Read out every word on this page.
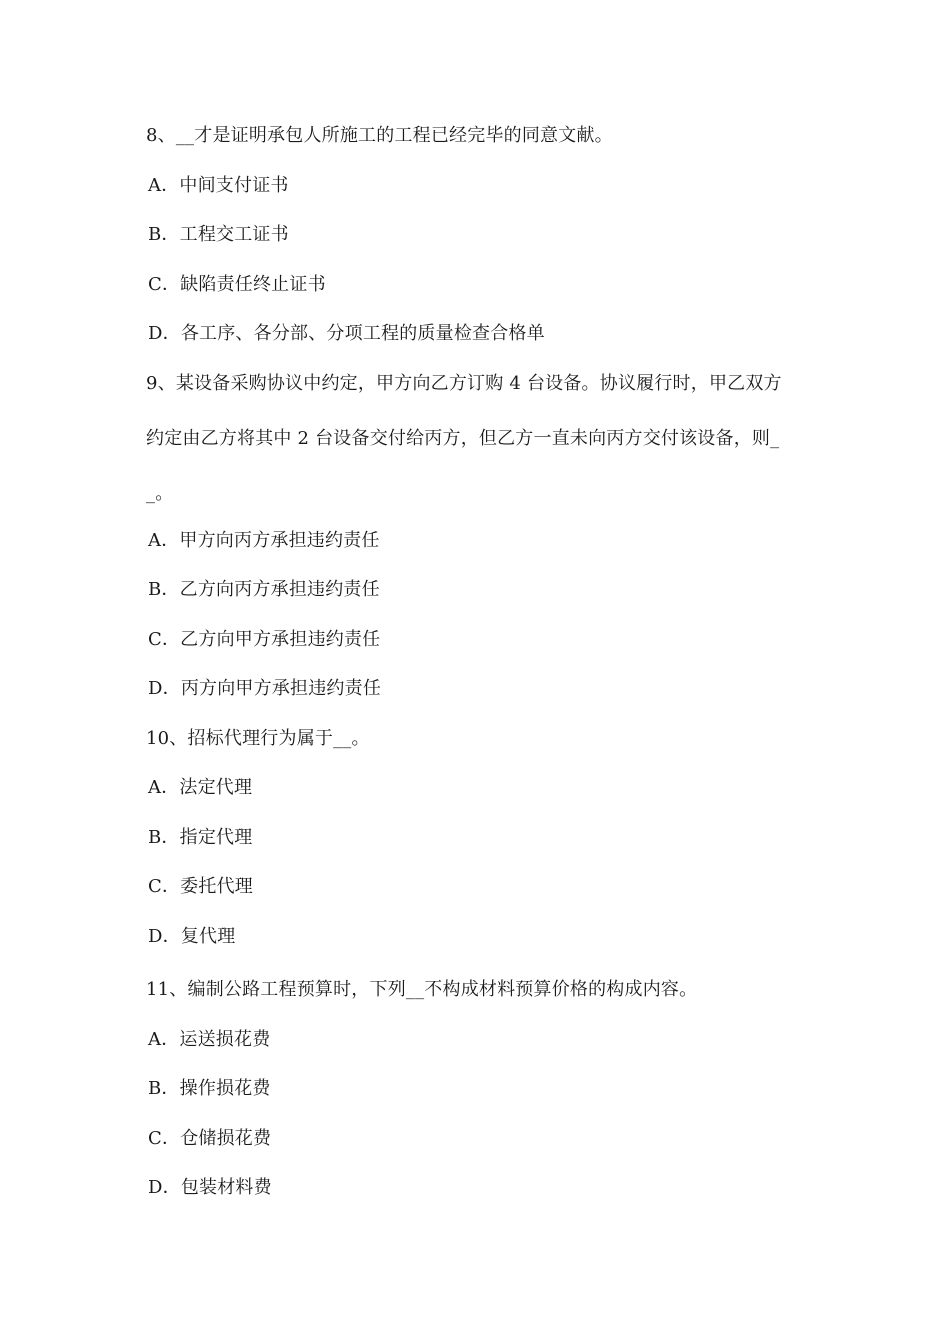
8、__才是证明承包人所施工的工程已经完毕的同意文献。
A．中间支付证书
B．工程交工证书
C．缺陷责任终止证书
D．各工序、各分部、分项工程的质量检查合格单
9、某设备采购协议中约定，甲方向乙方订购 4 台设备。协议履行时，甲乙双方
约定由乙方将其中 2 台设备交付给丙方，但乙方一直未向丙方交付该设备，则_
_。
A．甲方向丙方承担违约责任
B．乙方向丙方承担违约责任
C．乙方向甲方承担违约责任
D．丙方向甲方承担违约责任
10、招标代理行为属于__。
A．法定代理
B．指定代理
C．委托代理
D．复代理
11、编制公路工程预算时，下列__不构成材料预算价格的构成内容。
A．运送损花费
B．操作损花费
C．仓储损花费
D．包装材料费
